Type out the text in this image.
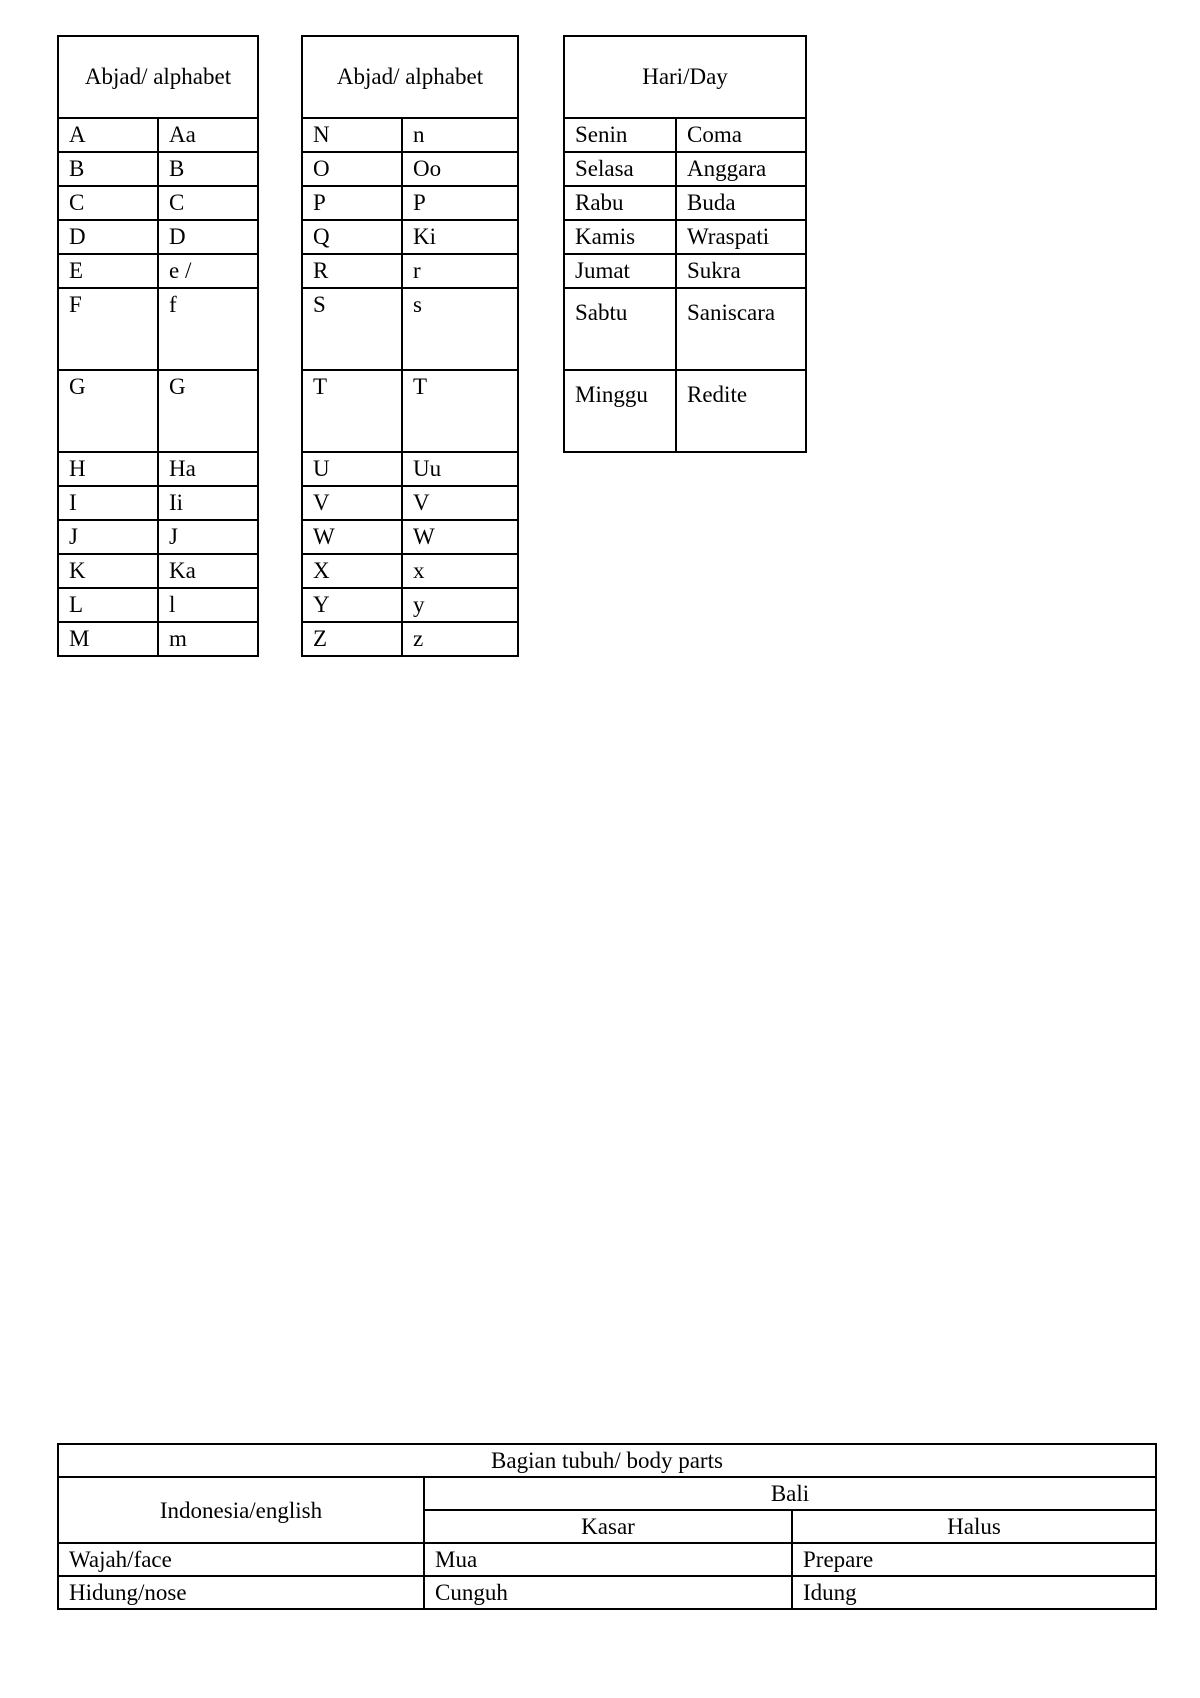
Abjad/ alphabet	
A	Aa
B	B
C	C
D	D
E	e /
F	f
G	G
H	Ha
I	Ii
J	J
K	Ka
L	l
M	m
Abjad/ alphabet	
N	n
O	Oo
P	P
Q	Ki
R	r
S	s
T	T
U	Uu
V	V
W	W
X	x
Y	y
Z	z
Hari/Day	
Senin	Coma
Selasa	Anggara
Rabu	Buda
Kamis	Wraspati
Jumat	Sukra
Sabtu	Saniscara
Minggu	Redite
Bagian tubuh/ body parts		
Indonesia/english	Bali	
	Kasar	Halus
Wajah/face	Mua	Prepare
Hidung/nose	Cunguh	Idung
